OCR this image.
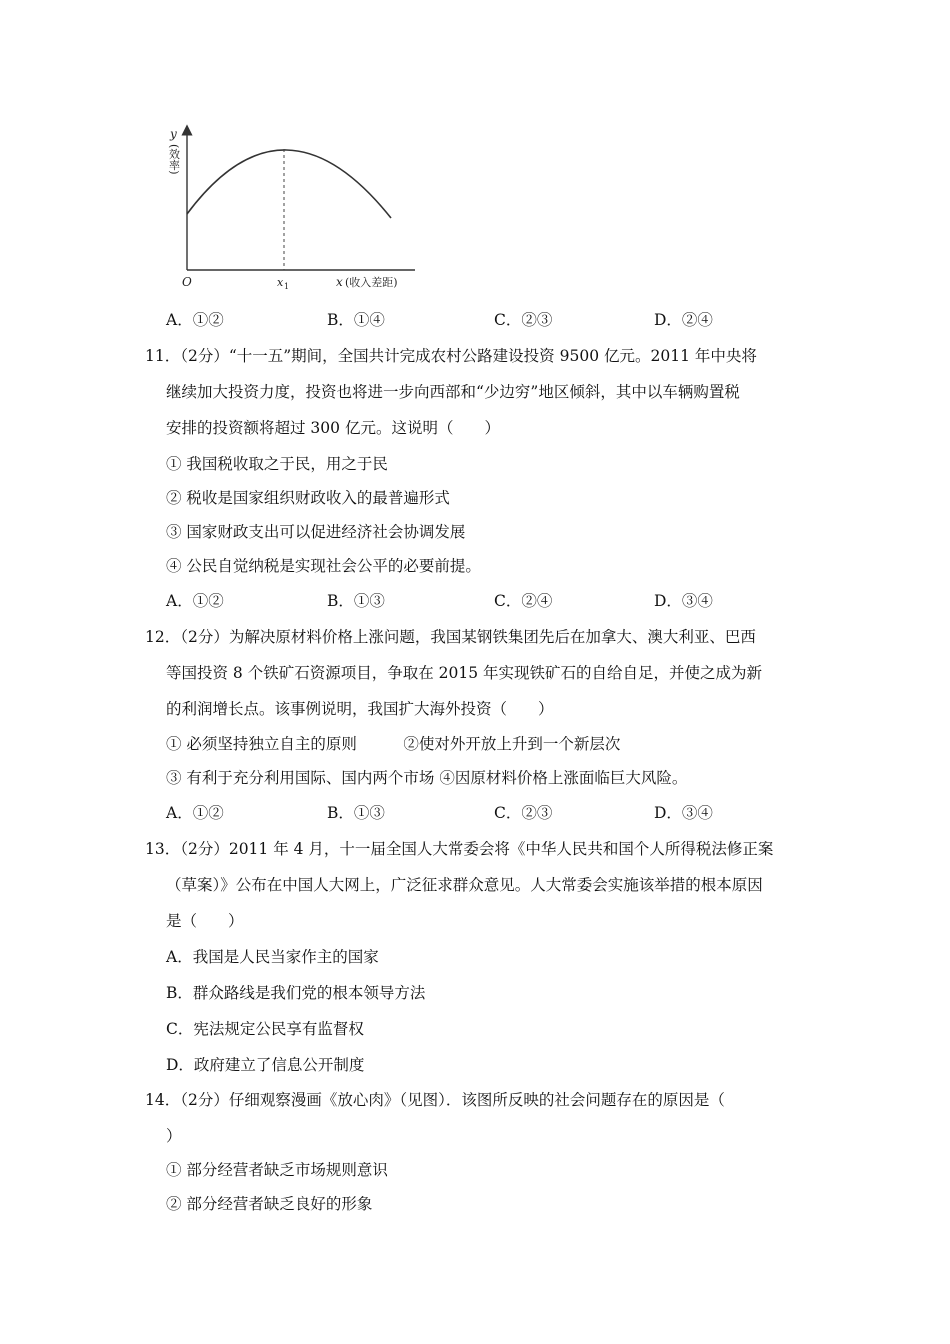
y
(效率)
O	x 1	x (收入差距)
A．①②	B．①④	C．②③	D．②④
11．（2分）“十一五”期间，全国共计完成农村公路建设投资 9500 亿元。2011 年中央将
继续加大投资力度，投资也将进一步向西部和“少边穷”地区倾斜，其中以车辆购置税
安排的投资额将超过 300 亿元。这说明（　　）
① 我国税收取之于民，用之于民
② 税收是国家组织财政收入的最普遍形式
③ 国家财政支出可以促进经济社会协调发展
④ 公民自觉纳税是实现社会公平的必要前提。
A．①②	B．①③	C．②④	D．③④
12．（2分）为解决原材料价格上涨问题，我国某钢铁集团先后在加拿大、澳大利亚、巴西
等国投资 8 个铁矿石资源项目，争取在 2015 年实现铁矿石的自给自足，并使之成为新
的利润增长点。该事例说明，我国扩大海外投资（　　）
① 必须坚持独立自主的原则　　　②使对外开放上升到一个新层次
③ 有利于充分利用国际、国内两个市场 ④因原材料价格上涨面临巨大风险。
A．①②	B．①③	C．②③	D．③④
13．（2分）2011 年 4 月，十一届全国人大常委会将《中华人民共和国个人所得税法修正案
（草案）》公布在中国人大网上，广泛征求群众意见。人大常委会实施该举措的根本原因
是（　　）
A．我国是人民当家作主的国家
B．群众路线是我们党的根本领导方法
C．宪法规定公民享有监督权
D．政府建立了信息公开制度
14．（2分）仔细观察漫画《放心肉》（见图）．该图所反映的社会问题存在的原因是（
）
① 部分经营者缺乏市场规则意识
② 部分经营者缺乏良好的形象
